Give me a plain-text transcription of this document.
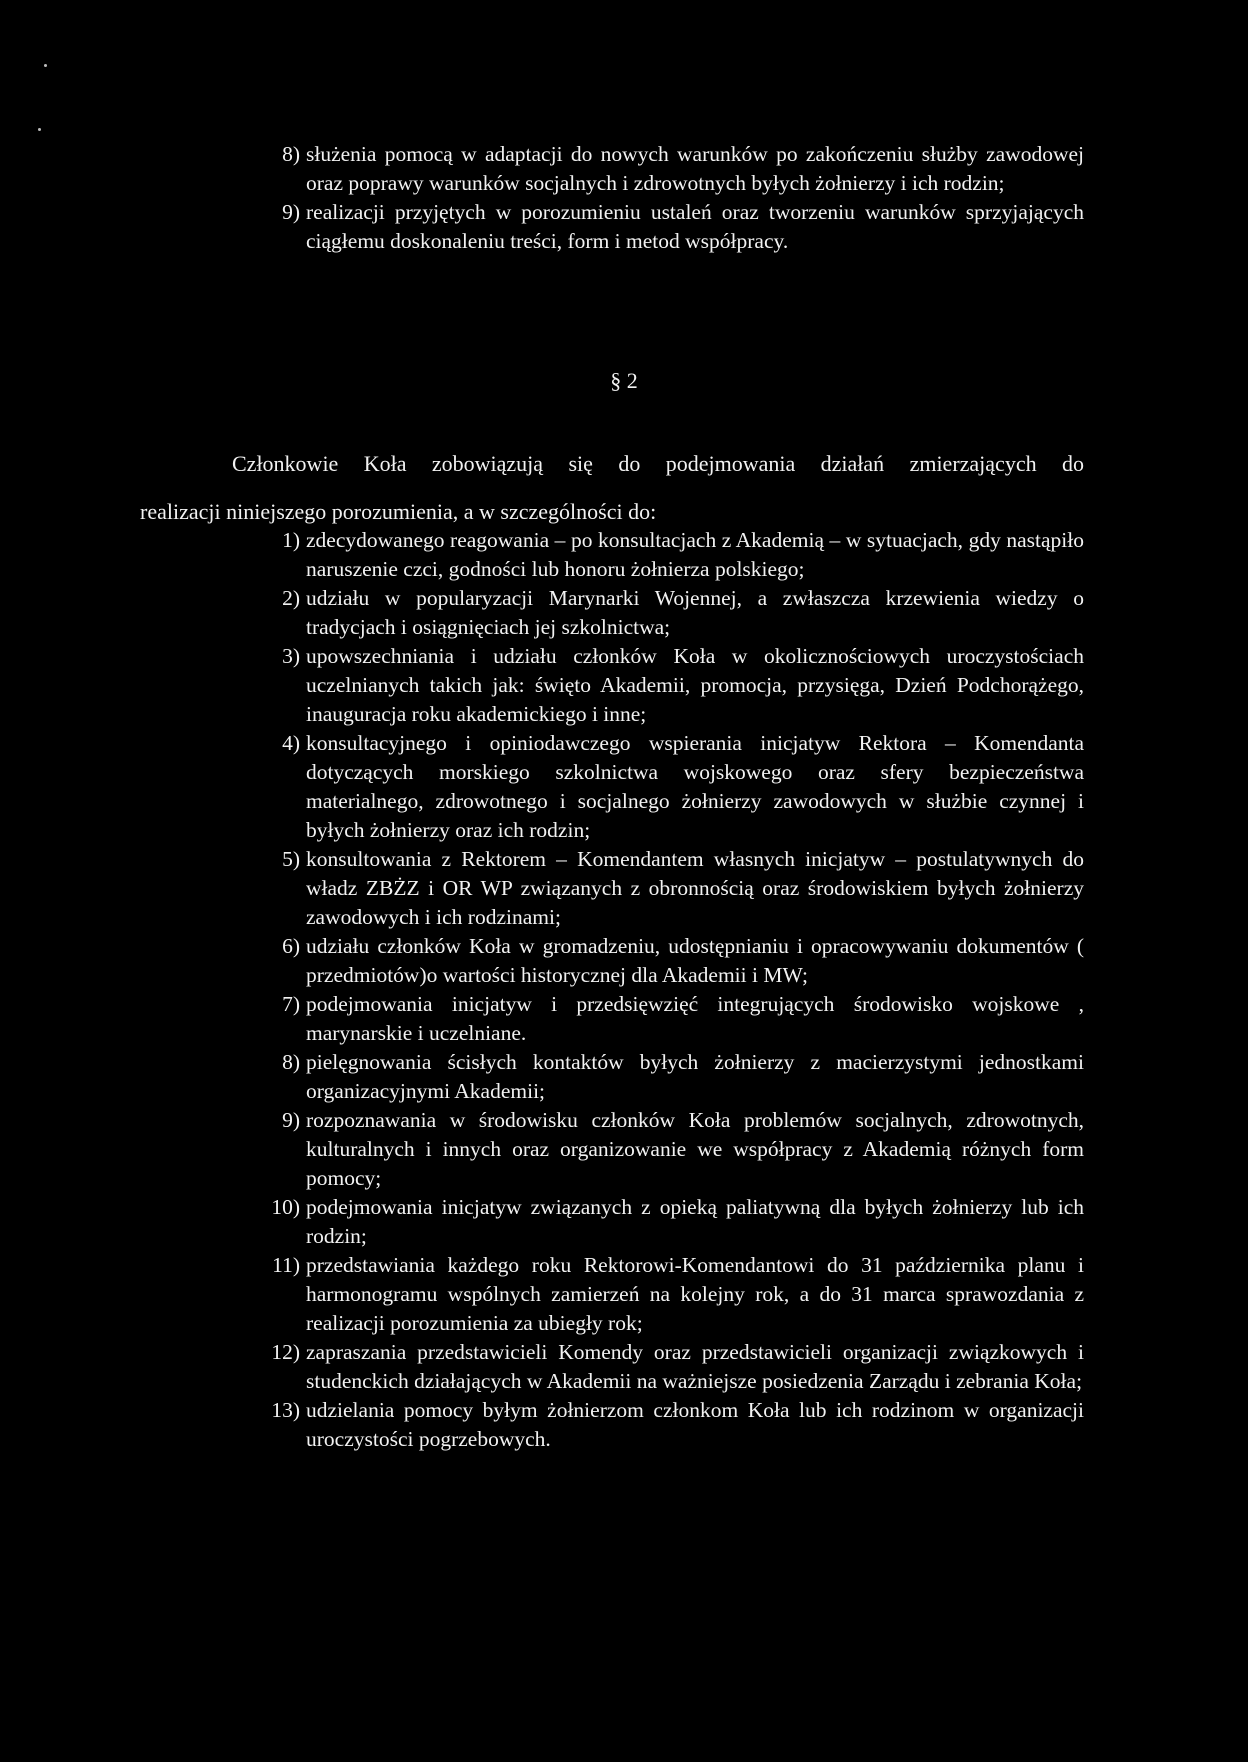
8) służenia pomocą w adaptacji do nowych warunków po zakończeniu służby zawodowej oraz poprawy warunków socjalnych i zdrowotnych byłych żołnierzy i ich rodzin;
9) realizacji przyjętych w porozumieniu ustaleń oraz tworzeniu warunków sprzyjających ciągłemu doskonaleniu treści, form i metod współpracy.
§ 2

Członkowie Koła zobowiązują się do podejmowania działań zmierzających do

realizacji niniejszego porozumienia, a w szczególności do:

1) zdecydowanego reagowania – po konsultacjach z Akademią – w sytuacjach, gdy nastąpiło naruszenie czci, godności lub honoru żołnierza polskiego;
2) udziału w popularyzacji Marynarki Wojennej, a zwłaszcza krzewienia wiedzy o tradycjach i osiągnięciach jej szkolnictwa;
3) upowszechniania i udziału członków Koła w okolicznościowych uroczystościach uczelnianych takich jak: święto Akademii, promocja, przysięga, Dzień Podchorążego, inauguracja roku akademickiego i inne;
4) konsultacyjnego i opiniodawczego wspierania inicjatyw Rektora – Komendanta dotyczących morskiego szkolnictwa wojskowego oraz sfery bezpieczeństwa materialnego, zdrowotnego i socjalnego żołnierzy zawodowych w służbie czynnej i byłych żołnierzy oraz ich rodzin;
5) konsultowania z Rektorem – Komendantem własnych inicjatyw – postulatywnych do władz ZBŻZ i OR WP związanych z obronnością oraz środowiskiem byłych żołnierzy zawodowych i ich rodzinami;
6) udziału członków Koła w gromadzeniu, udostępnianiu i opracowywaniu dokumentów ( przedmiotów)o wartości historycznej dla Akademii i MW;
7) podejmowania inicjatyw i przedsięwzięć integrujących środowisko wojskowe , marynarskie i uczelniane.
8) pielęgnowania ścisłych kontaktów byłych żołnierzy z macierzystymi jednostkami organizacyjnymi Akademii;
9) rozpoznawania w środowisku członków Koła problemów socjalnych, zdrowotnych, kulturalnych i innych oraz organizowanie we współpracy z Akademią różnych form pomocy;
10) podejmowania inicjatyw związanych z opieką paliatywną dla byłych żołnierzy lub ich rodzin;
11) przedstawiania każdego roku Rektorowi-Komendantowi do 31 października planu i harmonogramu wspólnych zamierzeń na kolejny rok, a do 31 marca sprawozdania z realizacji porozumienia za ubiegły rok;
12) zapraszania przedstawicieli Komendy oraz przedstawicieli organizacji związkowych i studenckich działających w Akademii na ważniejsze posiedzenia Zarządu i zebrania Koła;
13) udzielania pomocy byłym żołnierzom członkom Koła lub ich rodzinom w organizacji uroczystości pogrzebowych.
